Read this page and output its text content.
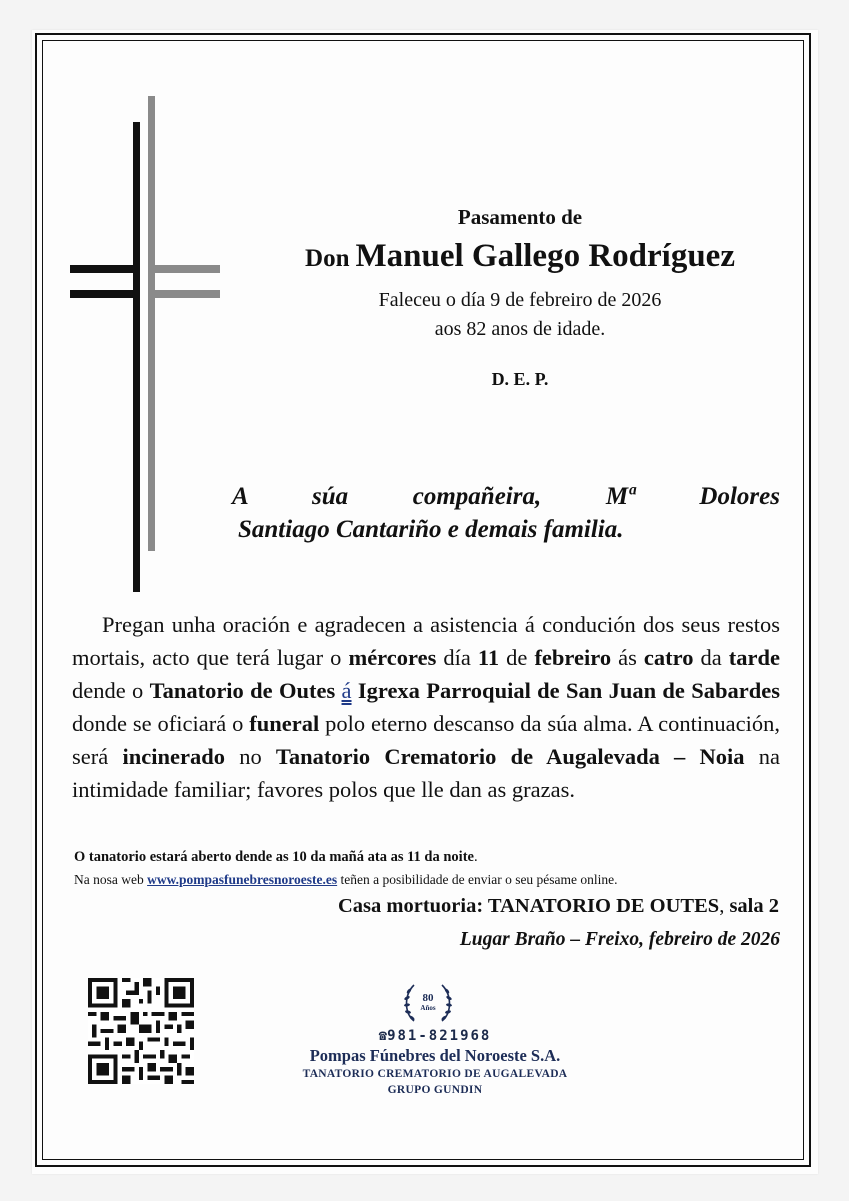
Pasamento de
Don Manuel Gallego Rodríguez
Faleceu o día 9 de febreiro de 2026
aos 82 anos de idade.
D. E. P.
A súa compañeira, Mª Dolores
Santiago Cantariño e demais familia.
Pregan unha oración e agradecen a asistencia á condución dos seus restos mortais, acto que terá lugar o mércores día 11 de febreiro ás catro da tarde dende o Tanatorio de Outes á Igrexa Parroquial de San Juan de Sabardes donde se oficiará o funeral polo eterno descanso da súa alma. A continuación, será incinerado no Tanatorio Crematorio de Augalevada – Noia na intimidade familiar; favores polos que lle dan as grazas.
O tanatorio estará aberto dende as 10 da mañá ata as 11 da noite.
Na nosa web www.pompasfunebresnoroeste.es teñen a posibilidade de enviar o seu pésame online.
Casa mortuoria: TANATORIO DE OUTES, sala 2
Lugar Braño – Freixo, febreiro de 2026
80
Años
☎981-821968
Pompas Fúnebres del Noroeste S.A.
TANATORIO CREMATORIO DE AUGALEVADA
GRUPO GUNDIN
